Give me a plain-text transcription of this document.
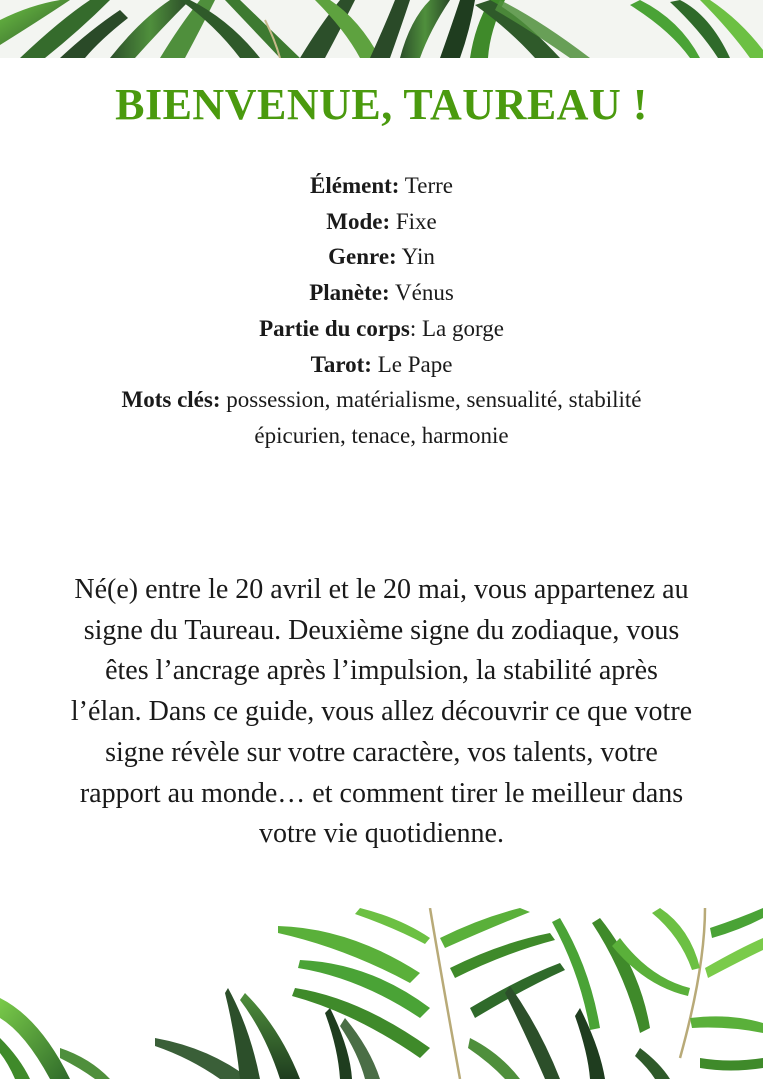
BIENVENUE, TAUREAU !
Élément: Terre
Mode: Fixe
Genre: Yin
Planète: Vénus
Partie du corps: La gorge
Tarot: Le Pape
Mots clés: possession, matérialisme, sensualité, stabilité
épicurien, tenace, harmonie

Né(e) entre le 20 avril et le 20 mai, vous appartenez au signe du Taureau. Deuxième signe du zodiaque, vous êtes l’ancrage après l’impulsion, la stabilité après l’élan. Dans ce guide, vous allez découvrir ce que votre signe révèle sur votre caractère, vos talents, votre rapport au monde… et comment tirer le meilleur dans votre vie quotidienne.
